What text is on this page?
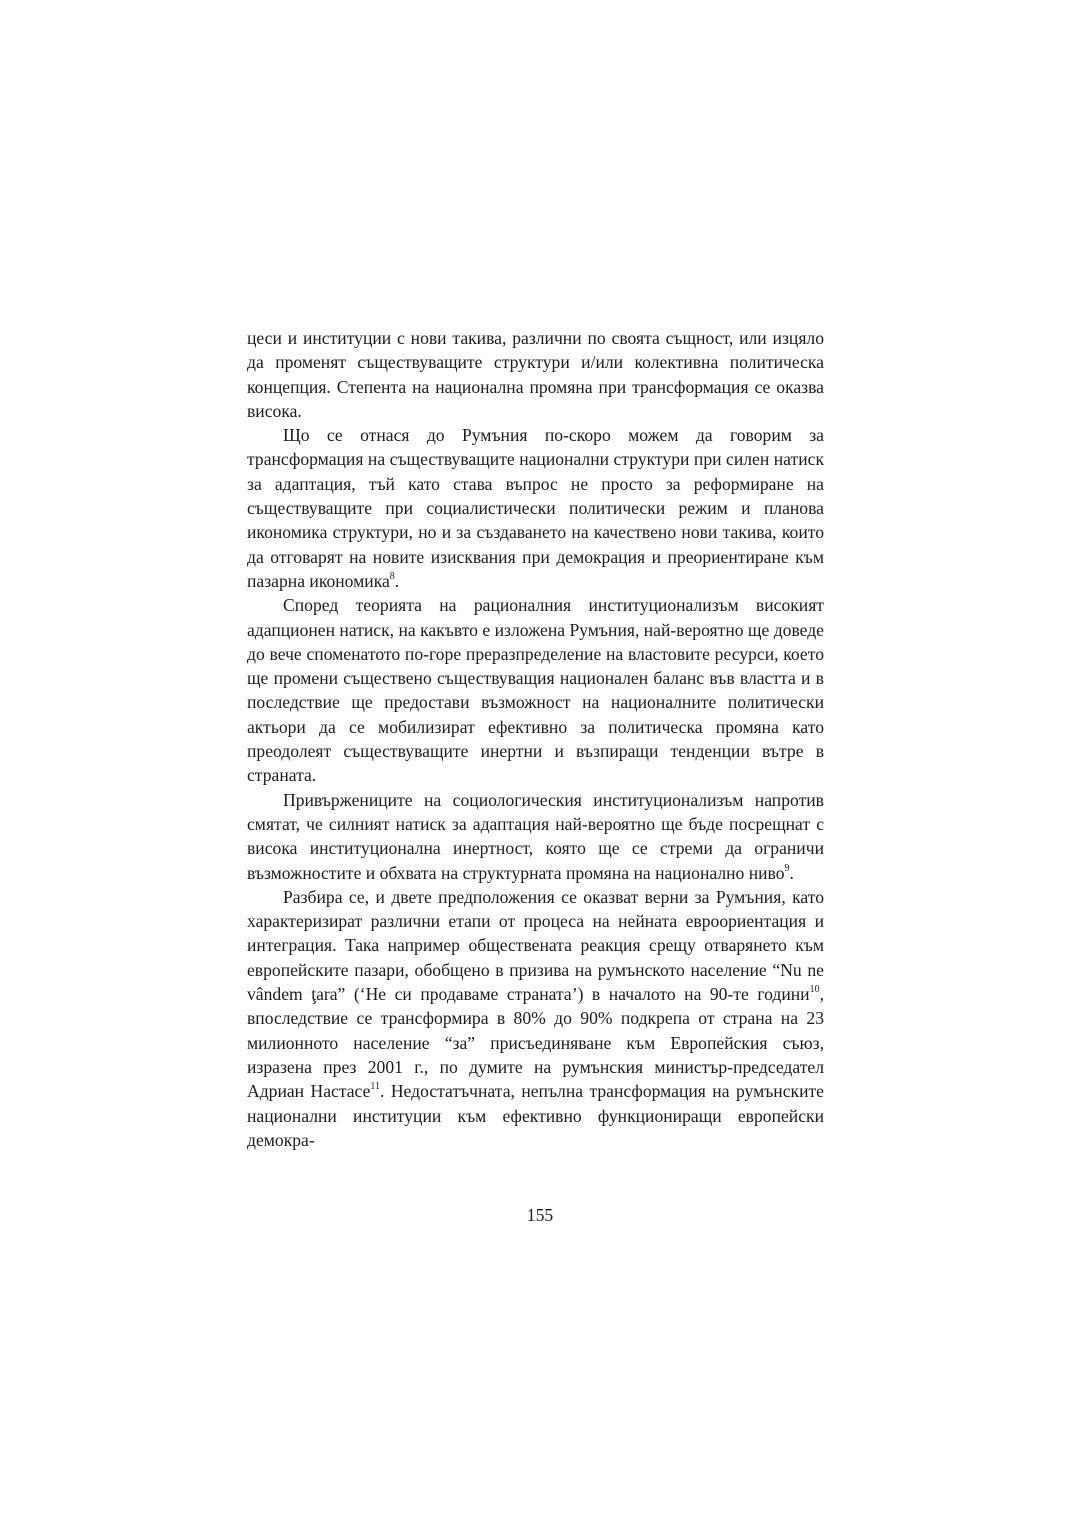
цеси и институции с нови такива, различни по своята същност, или изцяло да променят съществуващите структури и/или колективна политическа концепция. Степента на национална промяна при трансформация се оказва висока.

Що се отнася до Румъния по-скоро можем да говорим за трансформация на съществуващите национални структури при силен натиск за адаптация, тъй като става въпрос не просто за реформиране на съществуващите при социалистически политически режим и планова икономика структури, но и за създаването на качествено нови такива, които да отговарят на новите изисквания при демокрация и преориентиране към пазарна икономика$^8$.

Според теорията на рационалния институционализъм високият адапционен натиск, на какъвто е изложена Румъния, най-вероятно ще доведе до вече споменатото по-горе преразпределение на властовите ресурси, което ще промени съществено съществуващия национален баланс във властта и в последствие ще предостави възможност на националните политически актьори да се мобилизират ефективно за политическа промяна като преодолеят съществуващите инертни и възпиращи тенденции вътре в страната.

Привържениците на социологическия институционализъм напротив смятат, че силният натиск за адаптация най-вероятно ще бъде посрещнат с висока институционална инертност, която ще се стреми да ограничи възможностите и обхвата на структурната промяна на национално ниво$^9$.

Разбира се, и двете предположения се оказват верни за Румъния, като характеризират различни етапи от процеса на нейната евроориентация и интеграция. Така например обществената реакция срещу отварянето към европейските пазари, обобщено в призива на румънското население “Nu ne vândem ţara” (‘Не си продаваме страната’) в началото на 90-те години$^{10}$, впоследствие се трансформира в 80% до 90% подкрепа от страна на 23 милионното население “за” присъединяване към Европейския съюз, изразена през 2001 г., по думите на румънския министър-председател Адриан Настасе$^{11}$. Недостатъчната, непълна трансформация на румънските национални институции към ефективно функциониращи европейски демокра-

155
